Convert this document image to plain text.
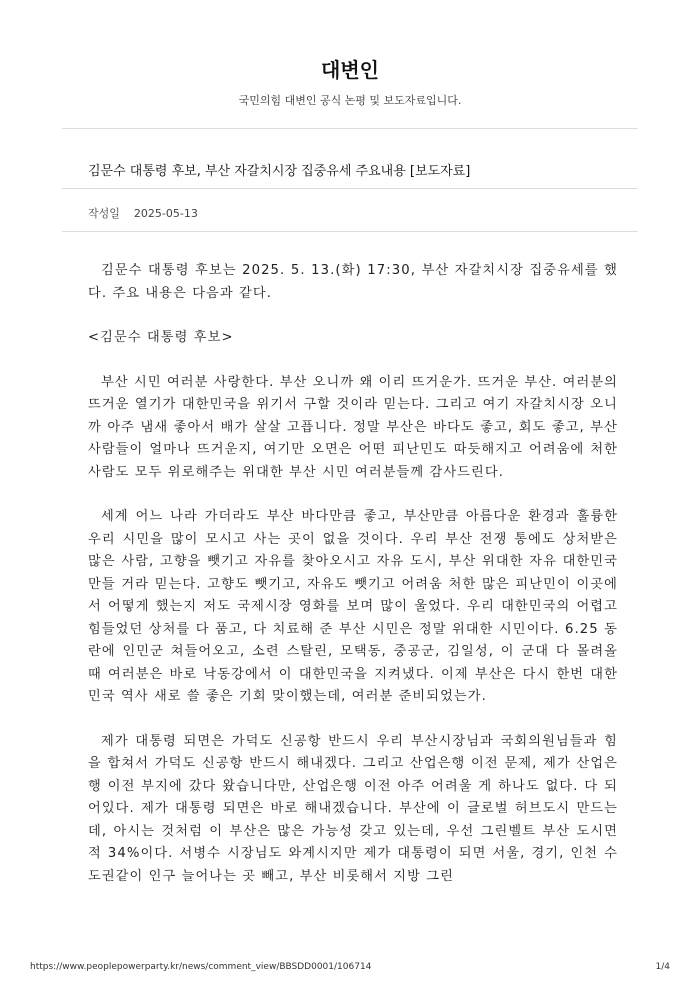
대변인
국민의힘 대변인 공식 논평 및 보도자료입니다.
김문수 대통령 후보, 부산 자갈치시장 집중유세 주요내용 [보도자료]
작성일 2025-05-13

김문수 대통령 후보는 2025. 5. 13.(화) 17:30, 부산 자갈치시장 집중유세를 했다. 주요 내용은 다음과 같다.

<김문수 대통령 후보>

부산 시민 여러분 사랑한다. 부산 오니까 왜 이리 뜨거운가. 뜨거운 부산. 여러분의 뜨거운 열기가 대한민국을 위기서 구할 것이라 믿는다. 그리고 여기 자갈치시장 오니까 아주 냄새 좋아서 배가 살살 고픕니다. 정말 부산은 바다도 좋고, 회도 좋고, 부산사람들이 얼마나 뜨거운지, 여기만 오면은 어떤 피난민도 따듯해지고 어려움에 처한 사람도 모두 위로해주는 위대한 부산 시민 여러분들께 감사드린다.

세계 어느 나라 가더라도 부산 바다만큼 좋고, 부산만큼 아름다운 환경과 훌륭한 우리 시민을 많이 모시고 사는 곳이 없을 것이다. 우리 부산 전쟁 통에도 상처받은 많은 사람, 고향을 뺏기고 자유를 찾아오시고 자유 도시, 부산 위대한 자유 대한민국 만들 거라 믿는다. 고향도 뺏기고, 자유도 뺏기고 어려움 처한 많은 피난민이 이곳에서 어떻게 했는지 저도 국제시장 영화를 보며 많이 울었다. 우리 대한민국의 어렵고 힘들었던 상처를 다 품고, 다 치료해 준 부산 시민은 정말 위대한 시민이다. 6.25 동란에 인민군 쳐들어오고, 소련 스탈린, 모택동, 중공군, 김일성, 이 군대 다 몰려올 때 여러분은 바로 낙동강에서 이 대한민국을 지켜냈다. 이제 부산은 다시 한번 대한민국 역사 새로 쓸 좋은 기회 맞이했는데, 여러분 준비되었는가.

제가 대통령 되면은 가덕도 신공항 반드시 우리 부산시장님과 국회의원님들과 힘을 합쳐서 가덕도 신공항 반드시 해내겠다. 그리고 산업은행 이전 문제, 제가 산업은행 이전 부지에 갔다 왔습니다만, 산업은행 이전 아주 어려울 게 하나도 없다. 다 되어있다. 제가 대통령 되면은 바로 해내겠습니다. 부산에 이 글로벌 허브도시 만드는데, 아시는 것처럼 이 부산은 많은 가능성 갖고 있는데, 우선 그린벨트 부산 도시면적 34%이다. 서병수 시장님도 와계시지만 제가 대통령이 되면 서울, 경기, 인천 수도권같이 인구 늘어나는 곳 빼고, 부산 비롯해서 지방 그린

https://www.peoplepowerparty.kr/news/comment_view/BBSDD0001/106714	1/4
